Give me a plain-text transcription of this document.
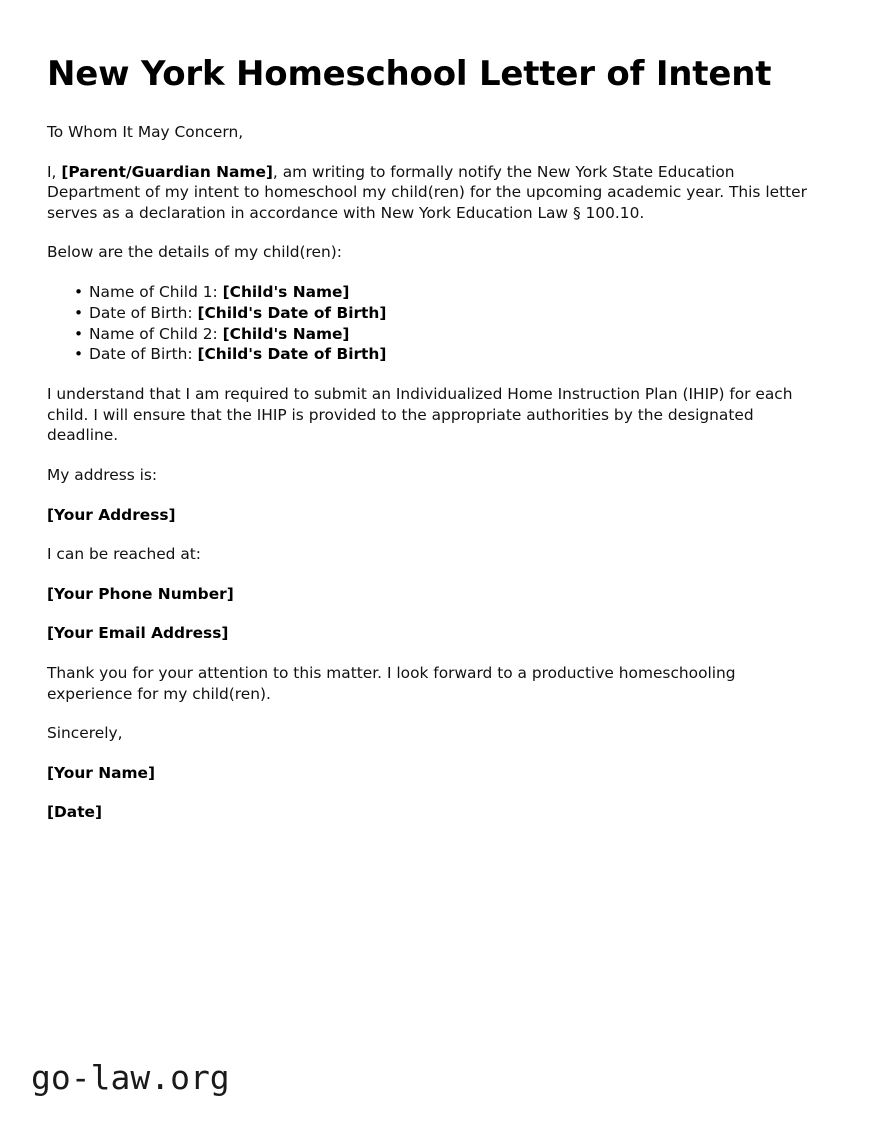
New York Homeschool Letter of Intent

To Whom It May Concern,

I, [Parent/Guardian Name], am writing to formally notify the New York State Education Department of my intent to homeschool my child(ren) for the upcoming academic year. This letter serves as a declaration in accordance with New York Education Law § 100.10.

Below are the details of my child(ren):

• Name of Child 1: [Child's Name]
• Date of Birth: [Child's Date of Birth]
• Name of Child 2: [Child's Name]
• Date of Birth: [Child's Date of Birth]

I understand that I am required to submit an Individualized Home Instruction Plan (IHIP) for each child. I will ensure that the IHIP is provided to the appropriate authorities by the designated deadline.

My address is:

[Your Address]

I can be reached at:

[Your Phone Number]

[Your Email Address]

Thank you for your attention to this matter. I look forward to a productive homeschooling experience for my child(ren).

Sincerely,

[Your Name]

[Date]

go-law.org
